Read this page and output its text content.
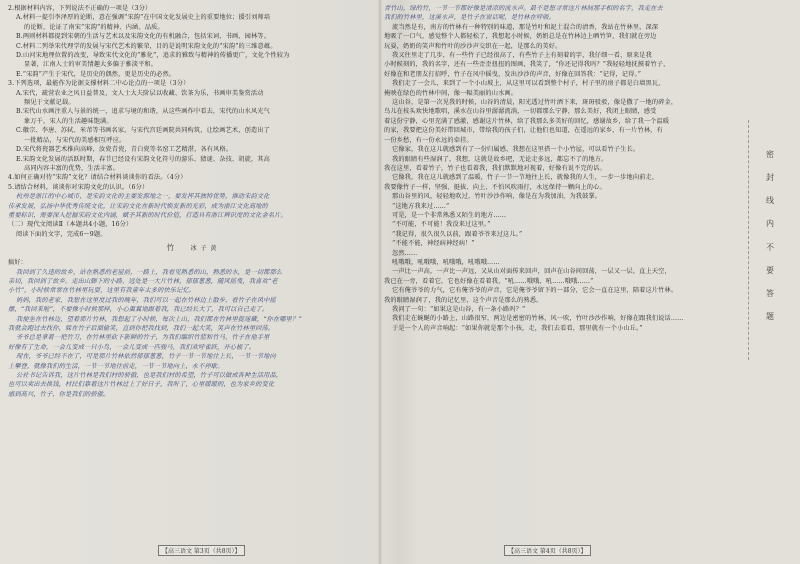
2.根据材料内容，下列说法不正确的一项是（3分）
A.材料一提引李泽厚的论断，意在强调“宋韵”在中国文化发展史上的重要地位；援引刘师培
的论断，论证了南宋“宋韵”的精神、内涵、品质。
B.两则材料都提到宋朝的生活与艺术以及宋韵文化的有机融合，包括宋词、书画、园林等。
C.材料二列举宋代理学的发展与宋代艺术的繁荣，目的是说明宋韵文化的“宋韵”的三维意蕴。
D.山河宋地理位置的改变，导致宋代文化的“雅化”，追求的雅致与精神的传播更广，文化个性较为
显著，江南人士的审美情趣大多偏于雅淡平和。
E.“宋韵”产生于宋代，是历史的偶然，更是历史的必然。
3.下列选项，最能作为论据支撑材料二中心论点的一项是（3分）
A.宋代，疏营农业之风日益普及，文人士大夫阶层以收藏、饮茶为乐，书画审美鉴赏活动
频见于文献记载。
B.宋代山水画注重人与景的统一，追求与境的和谐，从这些画作中看去，宋代的山水风光气
象万千，宋人的生活趣味饱满。
C.徽宗、李唐、苏轼、米芾等书画名家，与宋代宫廷画院共同构筑，让绘画艺术，创造出了
一批精品，与宋代的美感相互呼应。
D.宋代将瓷器艺术推向高峰，汝瓷青瓷，青白瓷等名窑工艺精湛，各有风格。
E.宋韵文化发展的活跃时期，春节已经设有宋韵文化符号的游乐、猜谜、杂技、胡旋，其高
高同内容丰富的优势，生活丰富。
4.如何正确对待“宋韵”文化？请结合材料谈谈你的看法。（4分）
5.请结合材料，谈谈你对宋韵文化的认识。（6分）
杭州是浙江的中心城市，是宋韵文化的主要发源地之一，要发挥其独特优势，推动宋韵文化
传承发展，弘扬中华优秀传统文化，让宋韵文化在新时代焕发新的光彩，成为浙江文化高地的
重要标识，需要深入挖掘宋韵文化内涵，赋予其新的时代价值，打造具有浙江辨识度的文化金名片。
（二）现代文阅读Ⅱ（本题共4小题，16分）
阅读下面的文字，完成6～9题。
竹 冰 子 黄
搞好：
我回到了久违的故乡，站在熟悉的老屋前，一路上，我看见熟悉的山，熟悉的水，是一切都那么
亲切，我回到了故乡。走出山脚下的小路，远处是一大片竹林，郁郁葱葱，随风摇曳，我喜欢“老
小竹”，小时候常常在竹林里玩耍，这里有我童年太多的快乐记忆。
妈妈，我的老家，我想在这里度过我的晚年，我们可以一起在竹林边上散步，看竹子在风中摇
摆，“我回来啦”，不要像小时候那样，小心翼翼地跟着我，我已经长大了，我可以自己走了。
我便坐在竹林边，望着那片竹林，我想起了小时候，每次上山，我们都在竹林里捉迷藏，“你在哪里？”
我就会跑过去找你，躲在竹子后面偷笑，直到你把我找到，我们一起大笑，笑声在竹林里回荡。
爷爷总是拿着一把竹刀，在竹林里砍下新鲜的竹子，为我们编织竹篮和竹马，竹子在他手里
好像有了生命，一会儿变成一只小鸟，一会儿变成一匹骏马，我们欢呼雀跃，开心极了。
现在，爷爷已经不在了，可是那片竹林依然郁郁葱葱，竹子一节一节地往上长，一节一节地向
上攀登，就像我们的生活，一节一节地往前走，一节一节地向上，永不停歇。
公社书记告诉我，这片竹林是我们村的骄傲，也是我们村的希望，竹子可以做成各种生活用品，
也可以卖出去换钱，村民们靠着这片竹林过上了好日子，我听了，心里暖暖的，也为家乡的变化
感到高兴，竹子，你是我们的骄傲。
【高三语文 第3页（共8页）】
青竹山，绿的竹，一节一节都好像是清凉的流水声。最不是想寻常这片林间那手相的名字，我走在去
我们的竹林里，这溪水声，是竹子在说话呢，是竹林在呼吸。
流当然是有，南方的竹林有一种特别的味道，那是竹叶和泥土混合的清香，我站在竹林里，深深
地吸了一口气，感觉整个人都轻松了，我想起小时候，奶奶总是在竹林边上晒竹笋，我们就在旁边
玩耍，奶奶的笑声和竹叶的沙沙声交织在一起，是那么的美好。
我又往里走了几步，有一些竹子已经很高了，有些竹子上有刻着的字，我仔细一看，原来是我
小时候刻的，我的名字，还有一些歪歪扭扭的图画，我笑了，“你还记得我吗？”我轻轻地抚摸着竹子，
好像在和老朋友打招呼，竹子在风中摇曳，发出沙沙的声音，好像在回答我：“记得，记得。”
我们走了一会儿，来到了一个小山坡上，从这里可以看到整个村子，村子里的房子都是白墙黑瓦，
掩映在绿色的竹林中间，像一幅美丽的山水画。
这山谷，是第一次见我的时候，山谷的清晨，阳光透过竹叶洒下来，斑斑驳驳，像是撒了一地的碎金，
鸟儿在枝头欢快地歌唱，溪水在山谷里潺潺流淌，一切都那么宁静，那么美好，我闭上眼睛，感受
着这份宁静，心里充满了感激，感谢这片竹林，给了我那么多美好的回忆，感谢故乡，给了我一个温暖
的家，我要把这份美好带回城市，带给我的孩子们，让他们也知道，在遥远的家乡，有一片竹林，有
一份乡愁，有一份永远的牵挂。
它像家，我在这儿就感到有了一份归属感，我想在这里搭一个小竹屋，可以看竹子生长。
我的眼睛有些湿润了，我想，这就是故乡吧，无论走多远，都忘不了的地方。
我在这里，看着竹子，竹子也看着我，我们默默地对视着，好像有说不完的话。
它像我，我在这儿就感到了温暖，竹子一节一节地往上长，就像我的人生，一步一步地向前走，
我要像竹子一样，坚强、挺拔、向上，不怕风吹雨打，永远保持一颗向上的心。
那山谷里的风，轻轻地吹过，竹叶沙沙作响，像是在为我加油，为我鼓掌。
“这地方我来过……”
可是，是一个非常熟悉又陌生的地方……
“不可能，不可能！我没来过这里。”
“我记得，很久很久以前，跟着爷爷来过这儿。”
“不能不能，神经病神经病！”
忽然……
吼哦哦，吼哦哦，吼哦哦，吼哦哦……
一声比一声高，一声比一声远，又从山对面传来回声，回声在山谷间回荡，一层又一层，直上天空，
我已在一旁，看着它，它也好像在看着我，“吼……哦哦，吼……哦哦……”
它有俺爷爷的力气，它有俺爷爷的声音，它是俺爷爷留下的一部分，它会一直在这里，陪着这片竹林。
我的眼睛湿润了，我的记忆里，这个声音是那么的熟悉。
我问了一句：“如果这是山谷，有一条小路吗？”
我们走在蜿蜒的小路上，山路很窄，两边是密密的竹林，风一吹，竹叶沙沙作响，好像在跟我们说话……
于是一个人的声音响起：“如果你就是那个小孩，走，我们去看看，那里就有一个小山丘。”
【高三语文 第4页（共8页）】
密
封
线
内
不
要
答
题
